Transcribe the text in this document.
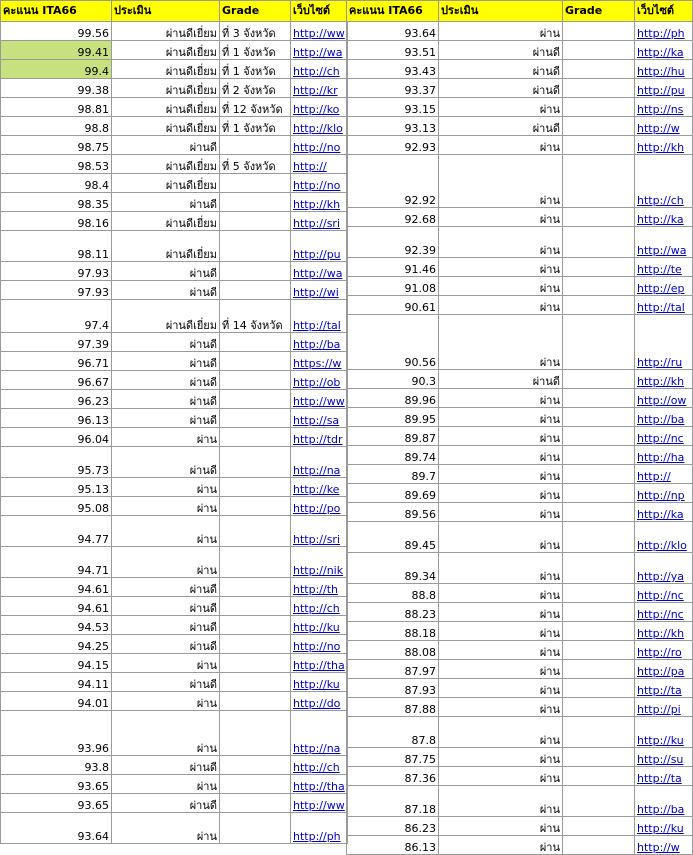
คะแนน ITA66	ประเมิน	Grade	เว็บไซต์
99.56	ผ่านดีเยี่ยม	ที่ 3 จังหวัด	http://ww
99.41	ผ่านดีเยี่ยม	ที่ 1 จังหวัด	http://wa
99.4	ผ่านดีเยี่ยม	ที่ 1 จังหวัด	http://ch
99.38	ผ่านดีเยี่ยม	ที่ 2 จังหวัด	http://kr
98.81	ผ่านดีเยี่ยม	ที่ 12 จังหวัด	http://ko
98.8	ผ่านดีเยี่ยม	ที่ 1 จังหวัด	http://klo
98.75	ผ่านดี		http://no
98.53	ผ่านดีเยี่ยม	ที่ 5 จังหวัด	http://
98.4	ผ่านดีเยี่ยม		http://no
98.35	ผ่านดี		http://kh
98.16	ผ่านดีเยี่ยม		http://sri
98.11	ผ่านดีเยี่ยม		http://pu
97.93	ผ่านดี		http://wa
97.93	ผ่านดี		http://wi
97.4	ผ่านดีเยี่ยม	ที่ 14 จังหวัด	http://tal
97.39	ผ่านดี		http://ba
96.71	ผ่านดี		https://w
96.67	ผ่านดี		http://ob
96.23	ผ่านดี		http://ww
96.13	ผ่านดี		http://sa
96.04	ผ่าน		http://tdr
95.73	ผ่านดี		http://na
95.13	ผ่าน		http://ke
95.08	ผ่าน		http://po
94.77	ผ่าน		http://sri
94.71	ผ่าน		http://nik
94.61	ผ่านดี		http://th
94.61	ผ่านดี		http://ch
94.53	ผ่านดี		http://ku
94.25	ผ่านดี		http://no
94.15	ผ่าน		http://tha
94.11	ผ่านดี		http://ku
94.01	ผ่าน		http://do
93.96	ผ่าน		http://na
93.8	ผ่านดี		http://ch
93.65	ผ่าน		http://tha
93.65	ผ่านดี		http://ww
93.64	ผ่าน		http://ph
คะแนน ITA66	ประเมิน	Grade	เว็บไซต์
93.64	ผ่าน		http://ph
93.51	ผ่านดี		http://ka
93.43	ผ่านดี		http://hu
93.37	ผ่านดี		http://pu
93.15	ผ่าน		http://ns
93.13	ผ่านดี		http://w
92.93	ผ่าน		http://kh
92.92	ผ่าน		http://ch
92.68	ผ่าน		http://ka
92.39	ผ่าน		http://wa
91.46	ผ่าน		http://te
91.08	ผ่าน		http://ep
90.61	ผ่าน		http://tal
90.56	ผ่าน		http://ru
90.3	ผ่านดี		http://kh
89.96	ผ่าน		http://ow
89.95	ผ่าน		http://ba
89.87	ผ่าน		http://nc
89.74	ผ่าน		http://ha
89.7	ผ่าน		http://
89.69	ผ่าน		http://np
89.56	ผ่าน		http://ka
89.45	ผ่าน		http://klo
89.34	ผ่าน		http://ya
88.8	ผ่าน		http://nc
88.23	ผ่าน		http://nc
88.18	ผ่าน		http://kh
88.08	ผ่าน		http://ro
87.97	ผ่าน		http://pa
87.93	ผ่าน		http://ta
87.88	ผ่าน		http://pi
87.8	ผ่าน		http://ku
87.75	ผ่าน		http://su
87.36	ผ่าน		http://ta
87.18	ผ่าน		http://ba
86.23	ผ่าน		http://ku
86.13	ผ่าน		http://w
